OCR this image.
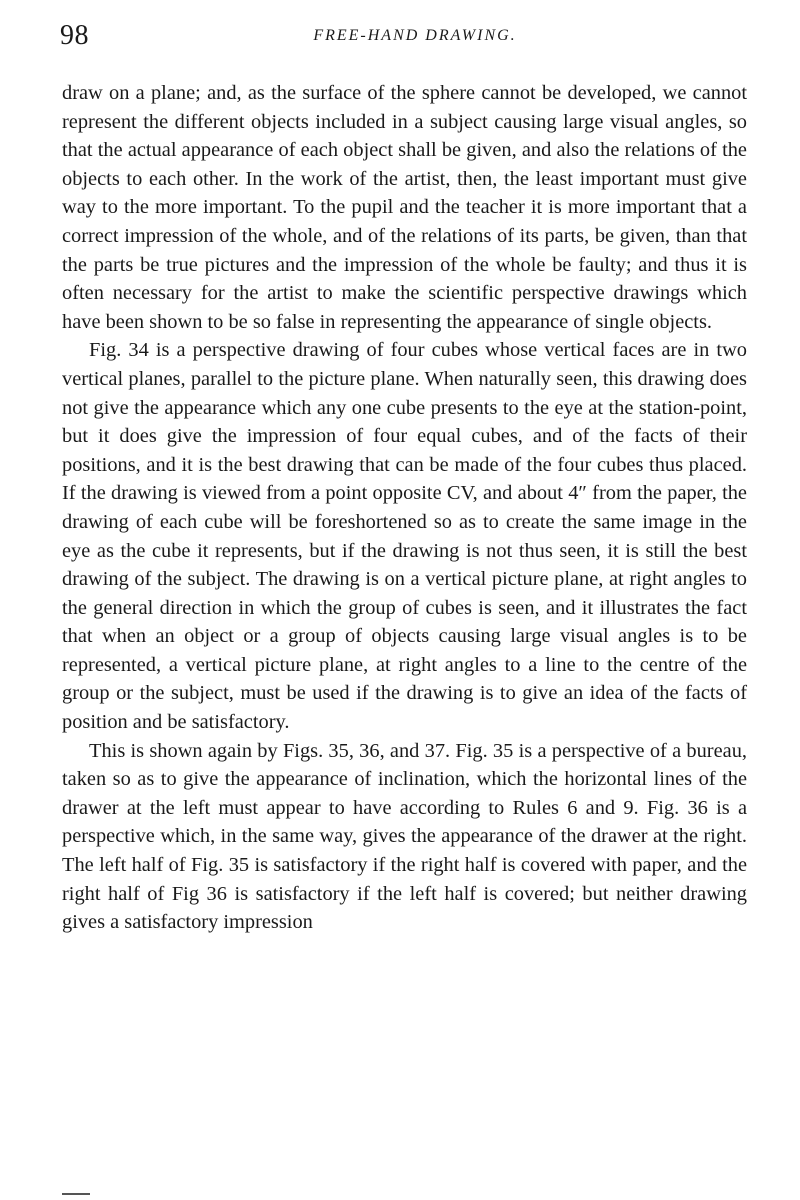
98	FREE-HAND DRAWING.

draw on a plane; and, as the surface of the sphere cannot be developed, we cannot represent the different objects included in a subject causing large visual angles, so that the actual appearance of each object shall be given, and also the relations of the objects to each other. In the work of the artist, then, the least important must give way to the more important. To the pupil and the teacher it is more important that a correct impression of the whole, and of the relations of its parts, be given, than that the parts be true pictures and the impression of the whole be faulty; and thus it is often necessary for the artist to make the scientific perspective drawings which have been shown to be so false in representing the appearance of single objects.

Fig. 34 is a perspective drawing of four cubes whose vertical faces are in two vertical planes, parallel to the picture plane. When naturally seen, this drawing does not give the appearance which any one cube presents to the eye at the station-point, but it does give the impression of four equal cubes, and of the facts of their positions, and it is the best drawing that can be made of the four cubes thus placed. If the drawing is viewed from a point opposite CV, and about 4″ from the paper, the drawing of each cube will be foreshortened so as to create the same image in the eye as the cube it represents, but if the drawing is not thus seen, it is still the best drawing of the subject. The drawing is on a vertical picture plane, at right angles to the general direction in which the group of cubes is seen, and it illustrates the fact that when an object or a group of objects causing large visual angles is to be represented, a vertical picture plane, at right angles to a line to the centre of the group or the subject, must be used if the drawing is to give an idea of the facts of position and be satisfactory.

This is shown again by Figs. 35, 36, and 37. Fig. 35 is a perspective of a bureau, taken so as to give the appearance of inclination, which the horizontal lines of the drawer at the left must appear to have according to Rules 6 and 9. Fig. 36 is a perspective which, in the same way, gives the appearance of the drawer at the right. The left half of Fig. 35 is satisfactory if the right half is covered with paper, and the right half of Fig 36 is satisfactory if the left half is covered; but neither drawing gives a satisfactory impression
